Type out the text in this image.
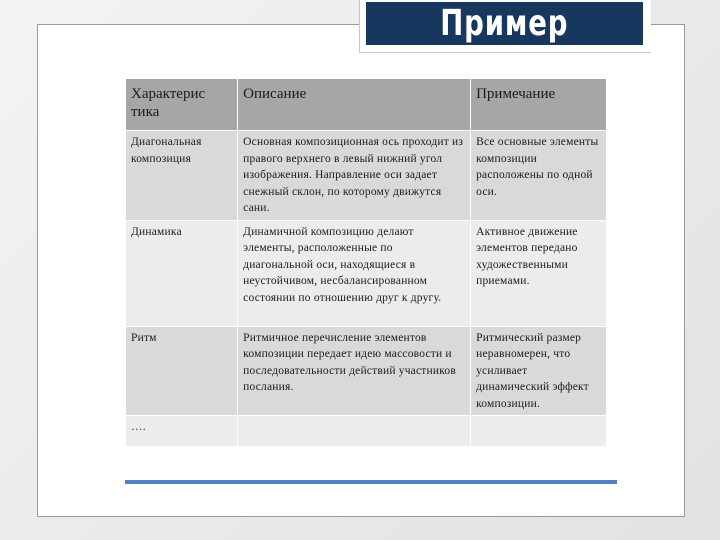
Пример
Характерис тика	Описание	Примечание
Диагональная композиция	Основная композиционная ось проходит из правого верхнего в левый нижний угол изображения. Направление оси задает снежный склон, по которому движутся сани.	Все основные элементы композиции расположены по одной оси.
Динамика	Динамичной композицию делают элементы, расположенные по диагональной оси, находящиеся в неустойчивом, несбалансированном состоянии по отношению друг к другу.	Активное движение элементов передано художественными приемами.
Ритм	Ритмичное перечисление элементов композиции передает идею массовости и последовательности действий участников послания.	Ритмический размер неравномерен, что усиливает динамический эффект композиции.
….		
